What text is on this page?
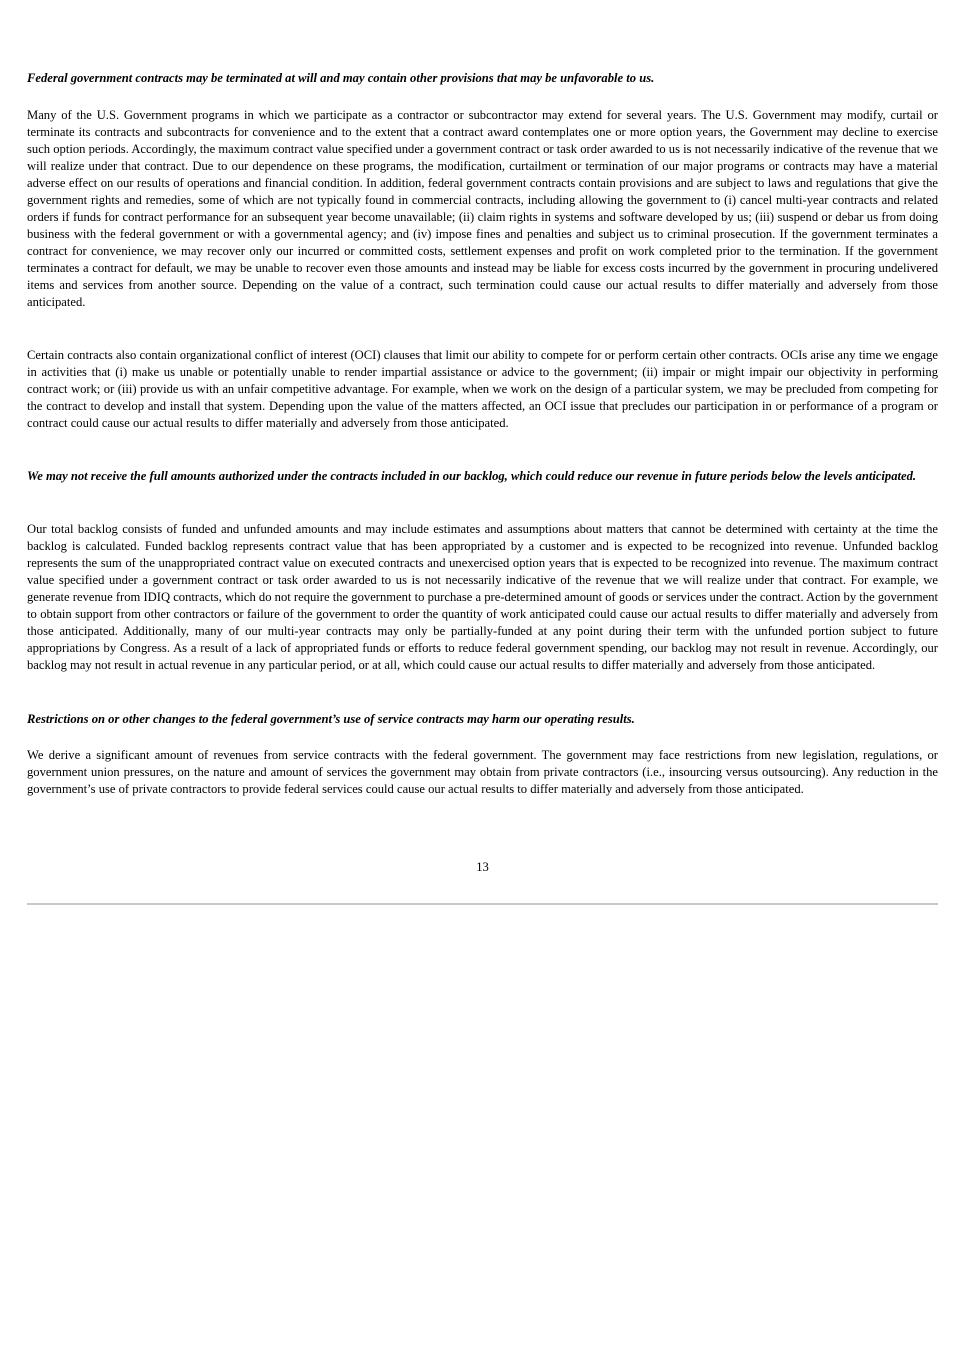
Federal government contracts may be terminated at will and may contain other provisions that may be unfavorable to us.

Many of the U.S. Government programs in which we participate as a contractor or subcontractor may extend for several years. The U.S. Government may modify, curtail or terminate its contracts and subcontracts for convenience and to the extent that a contract award contemplates one or more option years, the Government may decline to exercise such option periods. Accordingly, the maximum contract value specified under a government contract or task order awarded to us is not necessarily indicative of the revenue that we will realize under that contract. Due to our dependence on these programs, the modification, curtailment or termination of our major programs or contracts may have a material adverse effect on our results of operations and financial condition. In addition, federal government contracts contain provisions and are subject to laws and regulations that give the government rights and remedies, some of which are not typically found in commercial contracts, including allowing the government to (i) cancel multi-year contracts and related orders if funds for contract performance for an subsequent year become unavailable; (ii) claim rights in systems and software developed by us; (iii) suspend or debar us from doing business with the federal government or with a governmental agency; and (iv) impose fines and penalties and subject us to criminal prosecution. If the government terminates a contract for convenience, we may recover only our incurred or committed costs, settlement expenses and profit on work completed prior to the termination. If the government terminates a contract for default, we may be unable to recover even those amounts and instead may be liable for excess costs incurred by the government in procuring undelivered items and services from another source. Depending on the value of a contract, such termination could cause our actual results to differ materially and adversely from those anticipated.

Certain contracts also contain organizational conflict of interest (OCI) clauses that limit our ability to compete for or perform certain other contracts. OCIs arise any time we engage in activities that (i) make us unable or potentially unable to render impartial assistance or advice to the government; (ii) impair or might impair our objectivity in performing contract work; or (iii) provide us with an unfair competitive advantage. For example, when we work on the design of a particular system, we may be precluded from competing for the contract to develop and install that system. Depending upon the value of the matters affected, an OCI issue that precludes our participation in or performance of a program or contract could cause our actual results to differ materially and adversely from those anticipated.

We may not receive the full amounts authorized under the contracts included in our backlog, which could reduce our revenue in future periods below the levels anticipated.

Our total backlog consists of funded and unfunded amounts and may include estimates and assumptions about matters that cannot be determined with certainty at the time the backlog is calculated. Funded backlog represents contract value that has been appropriated by a customer and is expected to be recognized into revenue. Unfunded backlog represents the sum of the unappropriated contract value on executed contracts and unexercised option years that is expected to be recognized into revenue. The maximum contract value specified under a government contract or task order awarded to us is not necessarily indicative of the revenue that we will realize under that contract. For example, we generate revenue from IDIQ contracts, which do not require the government to purchase a pre-determined amount of goods or services under the contract. Action by the government to obtain support from other contractors or failure of the government to order the quantity of work anticipated could cause our actual results to differ materially and adversely from those anticipated. Additionally, many of our multi-year contracts may only be partially-funded at any point during their term with the unfunded portion subject to future appropriations by Congress. As a result of a lack of appropriated funds or efforts to reduce federal government spending, our backlog may not result in revenue. Accordingly, our backlog may not result in actual revenue in any particular period, or at all, which could cause our actual results to differ materially and adversely from those anticipated.

Restrictions on or other changes to the federal government’s use of service contracts may harm our operating results.

We derive a significant amount of revenues from service contracts with the federal government. The government may face restrictions from new legislation, regulations, or government union pressures, on the nature and amount of services the government may obtain from private contractors (i.e., insourcing versus outsourcing). Any reduction in the government’s use of private contractors to provide federal services could cause our actual results to differ materially and adversely from those anticipated.

13
